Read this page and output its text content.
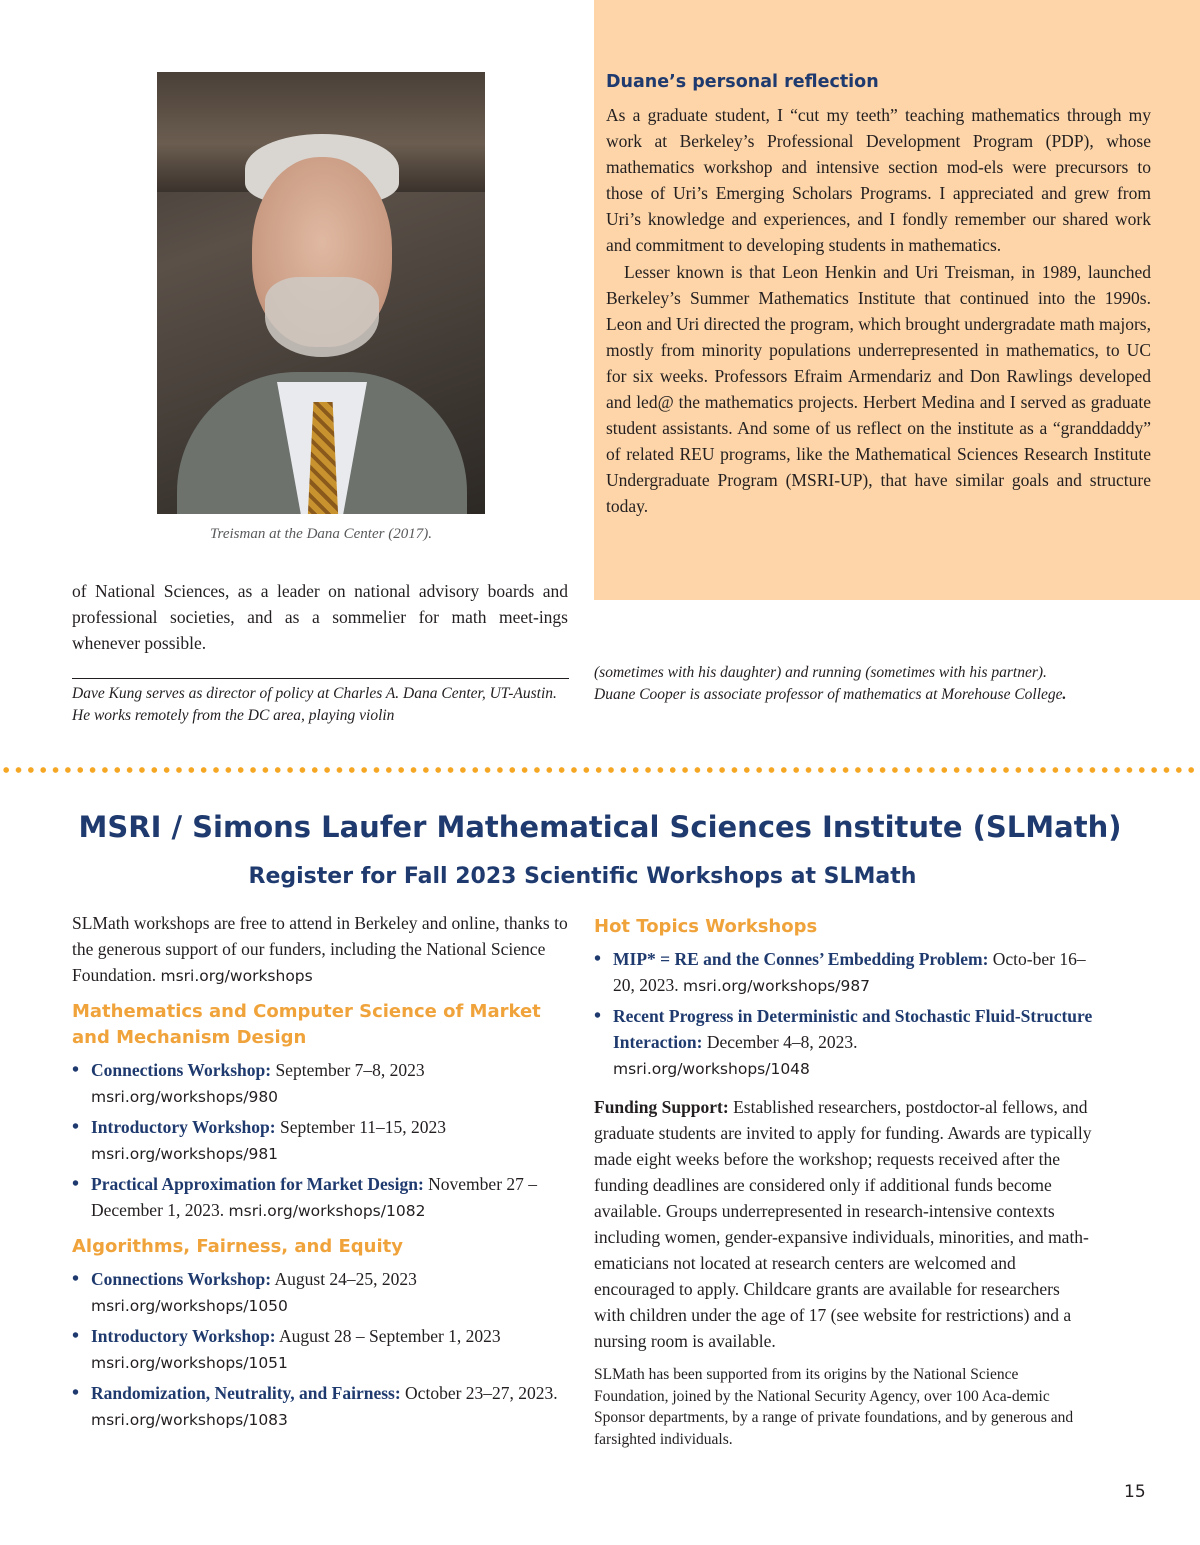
Treisman at the Dana Center (2017).
Duane’s personal reflection

As a graduate student, I “cut my teeth” teaching mathematics through my work at Berkeley’s Professional Development Program (PDP), whose mathematics workshop and intensive section mod-els were precursors to those of Uri’s Emerging Scholars Programs. I appreciated and grew from Uri’s knowledge and experiences, and I fondly remember our shared work and commitment to developing students in mathematics.

Lesser known is that Leon Henkin and Uri Treisman, in 1989, launched Berkeley’s Summer Mathematics Institute that continued into the 1990s. Leon and Uri directed the program, which brought undergradate math majors, mostly from minority populations underrepresented in mathematics, to UC for six weeks. Professors Efraim Armendariz and Don Rawlings developed and led@ the mathematics projects. Herbert Medina and I served as graduate student assistants. And some of us reflect on the institute as a “granddaddy” of related REU programs, like the Mathematical Sciences Research Institute Undergraduate Program (MSRI-UP), that have similar goals and structure today.

of National Sciences, as a leader on national advisory boards and professional societies, and as a sommelier for math meet-ings whenever possible.
Dave Kung serves as director of policy at Charles A. Dana Center, UT-Austin. He works remotely from the DC area, playing violin
(sometimes with his daughter) and running (sometimes with his partner). Duane Cooper is associate professor of mathematics at Morehouse College.
MSRI / Simons Laufer Mathematical Sciences Institute (SLMath)
Register for Fall 2023 Scientific Workshops at SLMath
SLMath workshops are free to attend in Berkeley and online, thanks to the generous support of our funders, including the National Science Foundation. msri.org/workshops
Mathematics and Computer Science of Market and Mechanism Design
• Connections Workshop: September 7–8, 2023
msri.org/workshops/980
• Introductory Workshop: September 11–15, 2023
msri.org/workshops/981
• Practical Approximation for Market Design: November 27 – December 1, 2023. msri.org/workshops/1082
Algorithms, Fairness, and Equity
• Connections Workshop: August 24–25, 2023
msri.org/workshops/1050
• Introductory Workshop: August 28 – September 1, 2023
msri.org/workshops/1051
• Randomization, Neutrality, and Fairness: October 23–27, 2023. msri.org/workshops/1083
Hot Topics Workshops
• MIP* = RE and the Connes’ Embedding Problem: Octo-ber 16–20, 2023. msri.org/workshops/987
• Recent Progress in Deterministic and Stochastic Fluid-Structure Interaction: December 4–8, 2023.
msri.org/workshops/1048

Funding Support: Established researchers, postdoctor-al fellows, and graduate students are invited to apply for funding. Awards are typically made eight weeks before the workshop; requests received after the funding deadlines are considered only if additional funds become available. Groups underrepresented in research-intensive contexts including women, gender-expansive individuals, minorities, and math-ematicians not located at research centers are welcomed and encouraged to apply. Childcare grants are available for researchers with children under the age of 17 (see website for restrictions) and a nursing room is available.

SLMath has been supported from its origins by the National Science Foundation, joined by the National Security Agency, over 100 Aca-demic Sponsor departments, by a range of private foundations, and by generous and farsighted individuals.

15
